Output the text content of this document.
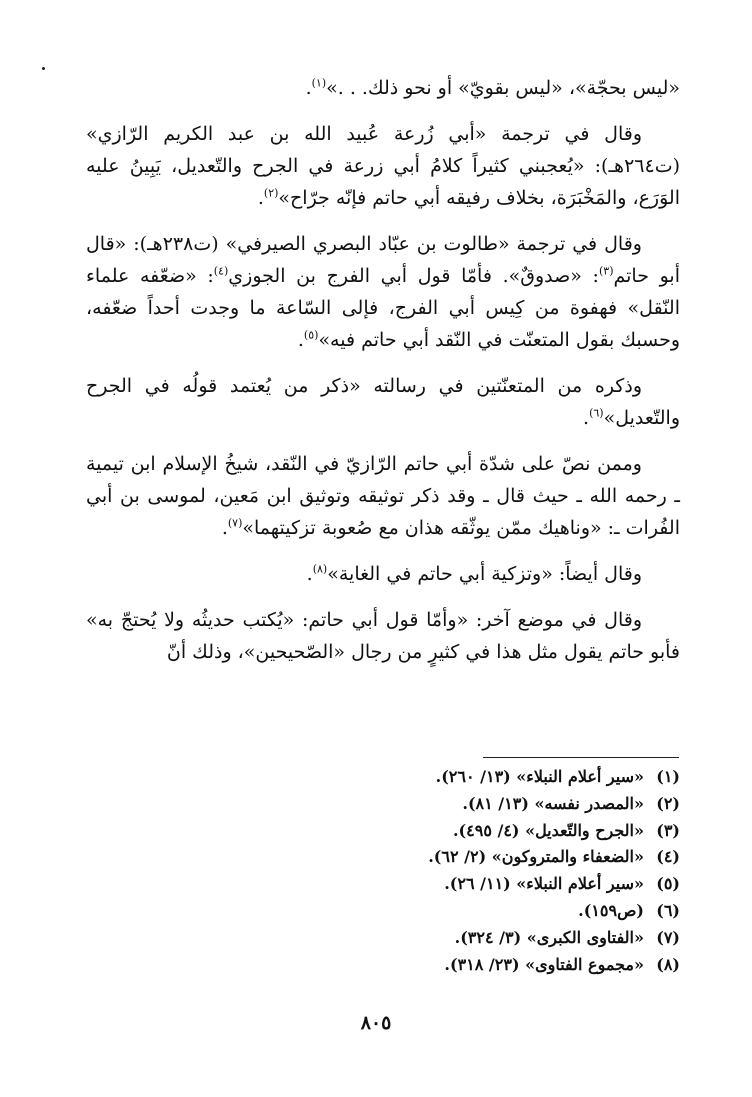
«ليس بحجّة»، «ليس بقويّ» أو نحو ذلك. . .»$^{(١)}$.

وقال في ترجمة «أبي زُرعة عُبيد الله بن عبد الكريم الرّازي» (ت٢٦٤هـ): «يُعجبني كثيراً كلامُ أبي زرعة في الجرح والتّعديل، يَبِينُ عليه الوَرَع، والمَخْبَرَة، بخلاف رفيقه أبي حاتم فإنّه جرّاح»$^{(٢)}$.

وقال في ترجمة «طالوت بن عبّاد البصري الصيرفي» (ت٢٣٨هـ): «قال أبو حاتم$^{(٣)}$: «صدوقٌ». فأمّا قول أبي الفرج بن الجوزي$^{(٤)}$: «ضعّفه علماء النّقل» فهفوة من كِيس أبي الفرج، فإلى السّاعة ما وجدت أحداً ضعّفه، وحسبك بقول المتعنّت في النّقد أبي حاتم فيه»$^{(٥)}$.

وذكره من المتعنّتين في رسالته «ذكر من يُعتمد قولُه في الجرح والتّعديل»$^{(٦)}$.

وممن نصّ على شدّة أبي حاتم الرّازيّ في النّقد، شيخُ الإسلام ابن تيمية ـ رحمه الله ـ حيث قال ـ وقد ذكر توثيقه وتوثيق ابن مَعين، لموسى بن أبي الفُرات ـ: «وناهيك ممّن يوثّقه هذان مع صُعوبة تزكيتهما»$^{(٧)}$.

وقال أيضاً: «وتزكية أبي حاتم في الغاية»$^{(٨)}$.

وقال في موضع آخر: «وأمّا قول أبي حاتم: «يُكتب حديثُه ولا يُحتجّ به» فأبو حاتم يقول مثل هذا في كثيرٍ من رجال «الصّحيحين»، وذلك أنّ

(١)
«سير أعلام النبلاء» (١٣/ ٢٦٠).
(٢)
«المصدر نفسه» (١٣/ ٨١).
(٣)
«الجرح والتّعديل» (٤/ ٤٩٥).
(٤)
«الضعفاء والمتروكون» (٢/ ٦٢).
(٥)
«سير أعلام النبلاء» (١١/ ٢٦).
(٦)
(ص١٥٩).
(٧)
«الفتاوى الكبرى» (٣/ ٣٢٤).
(٨)
«مجموع الفتاوى» (٢٣/ ٣١٨).
٨٠٥
